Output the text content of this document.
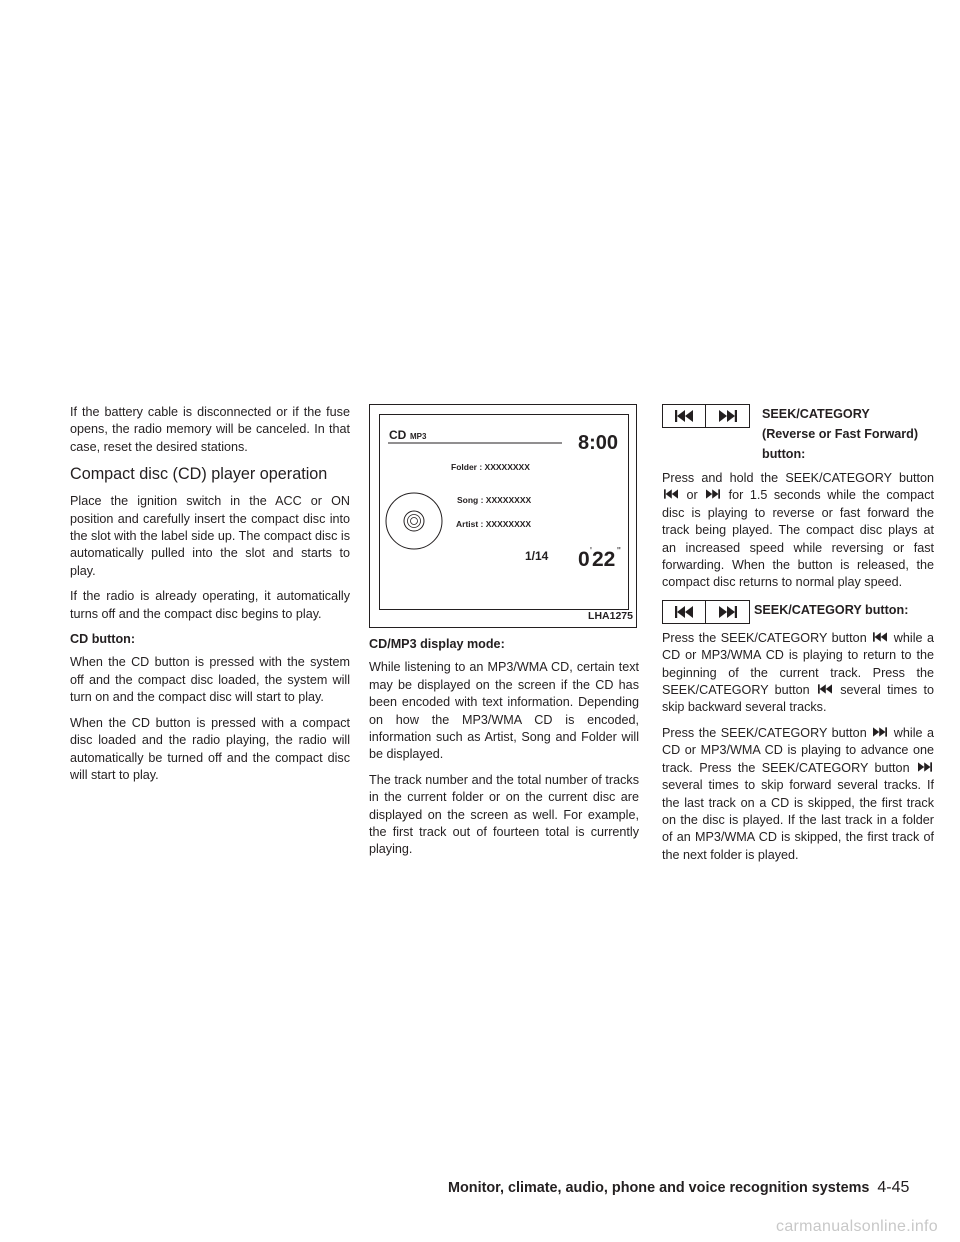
If the battery cable is disconnected or if the fuse opens, the radio memory will be canceled. In that case, reset the desired stations.

Compact disc (CD) player operation

Place the ignition switch in the ACC or ON position and carefully insert the compact disc into the slot with the label side up. The compact disc is automatically pulled into the slot and starts to play.

If the radio is already operating, it automatically turns off and the compact disc begins to play.

CD button:

When the CD button is pressed with the system off and the compact disc loaded, the system will turn on and the compact disc will start to play.

When the CD button is pressed with a compact disc loaded and the radio playing, the radio will automatically be turned off and the compact disc will start to play.

CD MP3	8:00
Folder : XXXXXXXX
Song : XXXXXXXX
Artist : XXXXXXXX
1/14 0 ' 22 ''
LHA1275

CD/MP3 display mode:

While listening to an MP3/WMA CD, certain text may be displayed on the screen if the CD has been encoded with text information. Depending on how the MP3/WMA CD is encoded, information such as Artist, Song and Folder will be displayed.

The track number and the total number of tracks in the current folder or on the current disc are displayed on the screen as well. For example, the first track out of fourteen total is currently playing.

SEEK/CATEGORY
(Reverse or Fast Forward)
button:

Press and hold the SEEK/CATEGORY button  or for 1.5 seconds while the compact disc is playing to reverse or fast forward the track being played. The compact disc plays at an increased speed while reversing or fast forwarding. When the button is released, the compact disc returns to normal play speed.

SEEK/CATEGORY button:

Press the SEEK/CATEGORY button while a CD or MP3/WMA CD is playing to return to the beginning of the current track. Press the SEEK/CATEGORY button several times to skip backward several tracks.

Press the SEEK/CATEGORY button while a CD or MP3/WMA CD is playing to advance one track. Press the SEEK/CATEGORY button  several times to skip forward several tracks. If the last track on a CD is skipped, the first track on the disc is played. If the last track in a folder of an MP3/WMA CD is skipped, the first track of the next folder is played.

Monitor, climate, audio, phone and voice recognition systems 4-45
carmanualsonline.info
